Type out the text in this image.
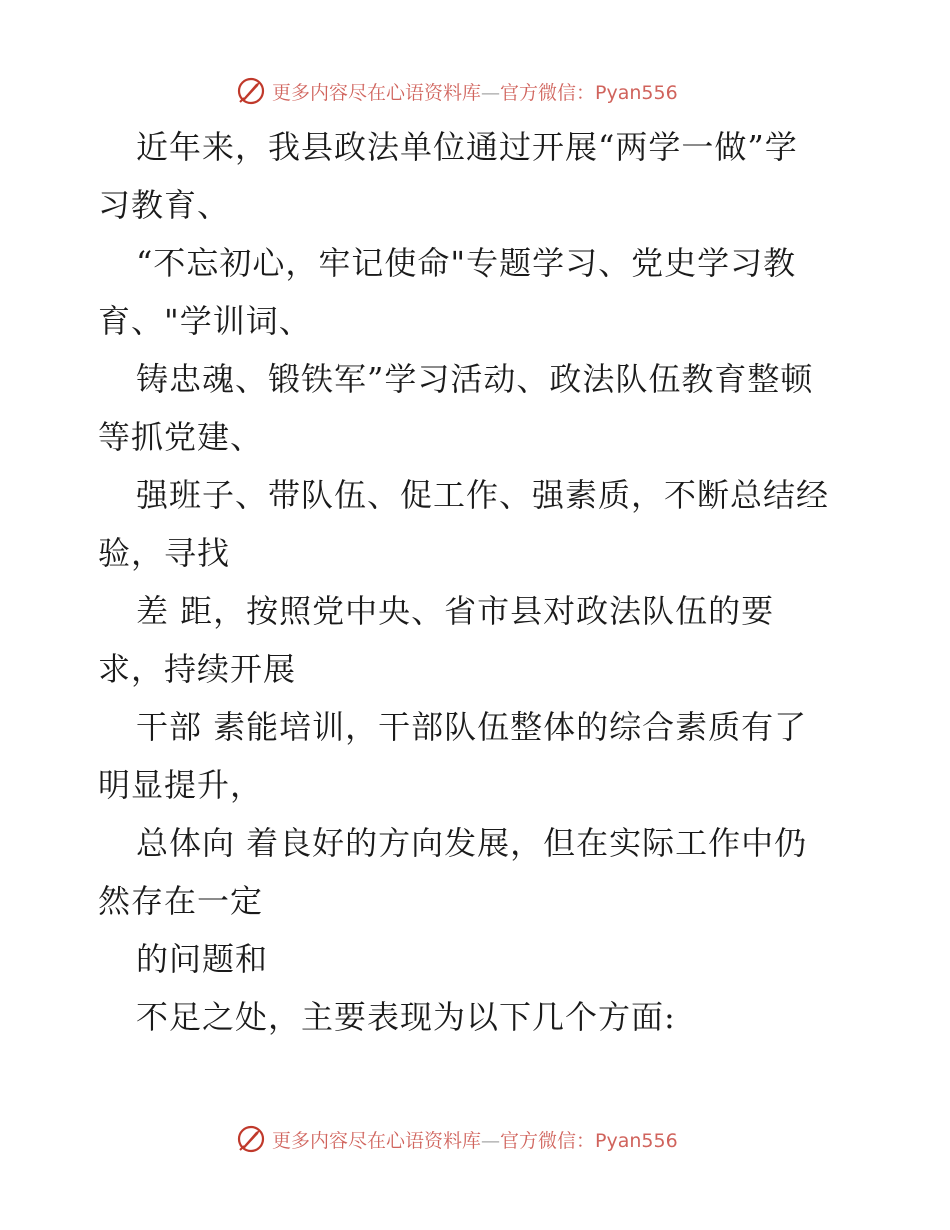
更多内容尽在心语资料库—官方微信：Pyan556
近年来，我县政法单位通过开展“两学一做”学
习教育、
“不忘初心，牢记使命"专题学习、党史学习教
育、"学训词、
铸忠魂、锻铁军”学习活动、政法队伍教育整顿
等抓党建、
强班子、带队伍、促工作、强素质，不断总结经
验，寻找
差 距，按照党中央、省市县对政法队伍的要
求，持续开展
干部 素能培训，干部队伍整体的综合素质有了
明显提升，
总体向 着良好的方向发展，但在实际工作中仍
然存在一定
的问题和
不足之处，主要表现为以下几个方面:
更多内容尽在心语资料库—官方微信：Pyan556
